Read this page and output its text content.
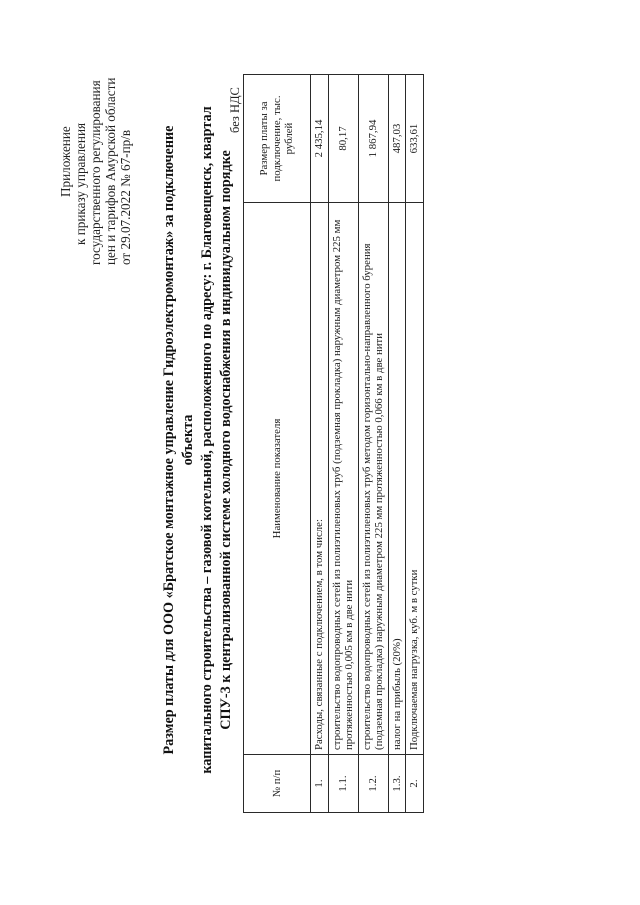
Приложение к приказу управления государственного регулирования цен и тарифов Амурской области от 29.07.2022 № 67-пр/в Размер платы для ООО «Братское монтажное управление Гидроэлектромонтаж» за подключение объекта капитального строительства – газовой котельной, расположенного по адресу: г. Благовещенск, квартал СПУ-3 к централизованной системе холодного водоснабжения в индивидуальном порядке
без НДС
№ п/п	Наименование показателя	Размер платы за подключение, тыс. рублей
1.	Расходы, связанные с подключением, в том числе:	2 435,14
1.1.	строительство водопроводных сетей из полиэтиленовых труб (подземная прокладка) наружным диаметром 225 мм протяженностью 0,005 км в две нити	80,17
1.2.	строительство водопроводных сетей из полиэтиленовых труб методом горизонтально-направленного бурения (подземная прокладка) наружным диаметром 225 мм протяженностью 0,066 км в две нити	1 867,94
1.3.	налог на прибыль (20%)	487,03
2.	Подключаемая нагрузка, куб. м в сутки	633,61
